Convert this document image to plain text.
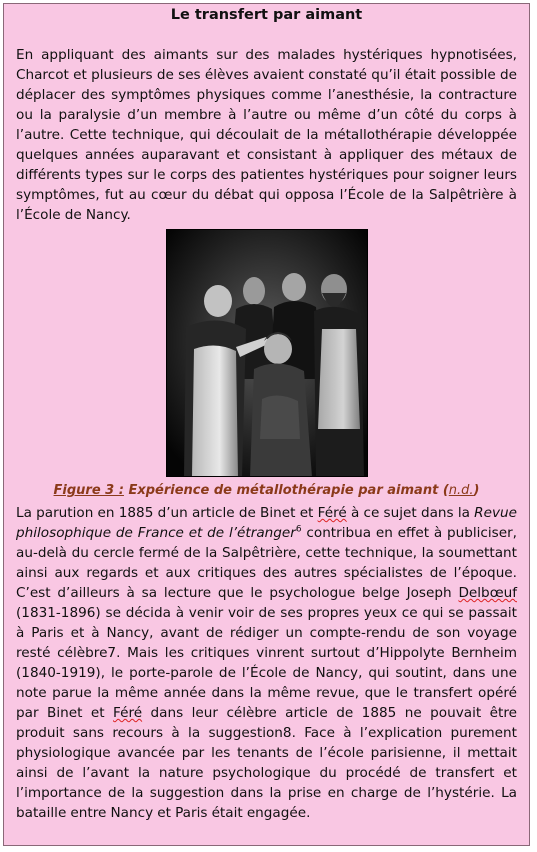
Le transfert par aimant

En appliquant des aimants sur des malades hystériques hypnotisées, Charcot et plusieurs de ses élèves avaient constaté qu’il était possible de déplacer des symptômes physiques comme l’anesthésie, la contracture ou la paralysie d’un membre à l’autre ou même d’un côté du corps à l’autre. Cette technique, qui découlait de la métallothérapie développée quelques années auparavant et consistant à appliquer des métaux de différents types sur le corps des patientes hystériques pour soigner leurs symptômes, fut au cœur du débat qui opposa l’École de la Salpêtrière à l’École de Nancy.

Figure 3 : Expérience de métallothérapie par aimant (n.d.)

La parution en 1885 d’un article de Binet et Féré à ce sujet dans la Revue philosophique de France et de l’étranger$^6$ contribua en effet à publiciser, au-delà du cercle fermé de la Salpêtrière, cette technique, la soumettant ainsi aux regards et aux critiques des autres spécialistes de l’époque. C’est d’ailleurs à sa lecture que le psychologue belge Joseph Delbœuf (1831-1896) se décida à venir voir de ses propres yeux ce qui se passait à Paris et à Nancy, avant de rédiger un compte-rendu de son voyage resté célèbre7. Mais les critiques vinrent surtout d’Hippolyte Bernheim (1840-1919), le porte-parole de l’École de Nancy, qui soutint, dans une note parue la même année dans la même revue, que le transfert opéré par Binet et Féré dans leur célèbre article de 1885 ne pouvait être produit sans recours à la suggestion8. Face à l’explication purement physiologique avancée par les tenants de l’école parisienne, il mettait ainsi de l’avant la nature psychologique du procédé de transfert et l’importance de la suggestion dans la prise en charge de l’hystérie. La bataille entre Nancy et Paris était engagée.
